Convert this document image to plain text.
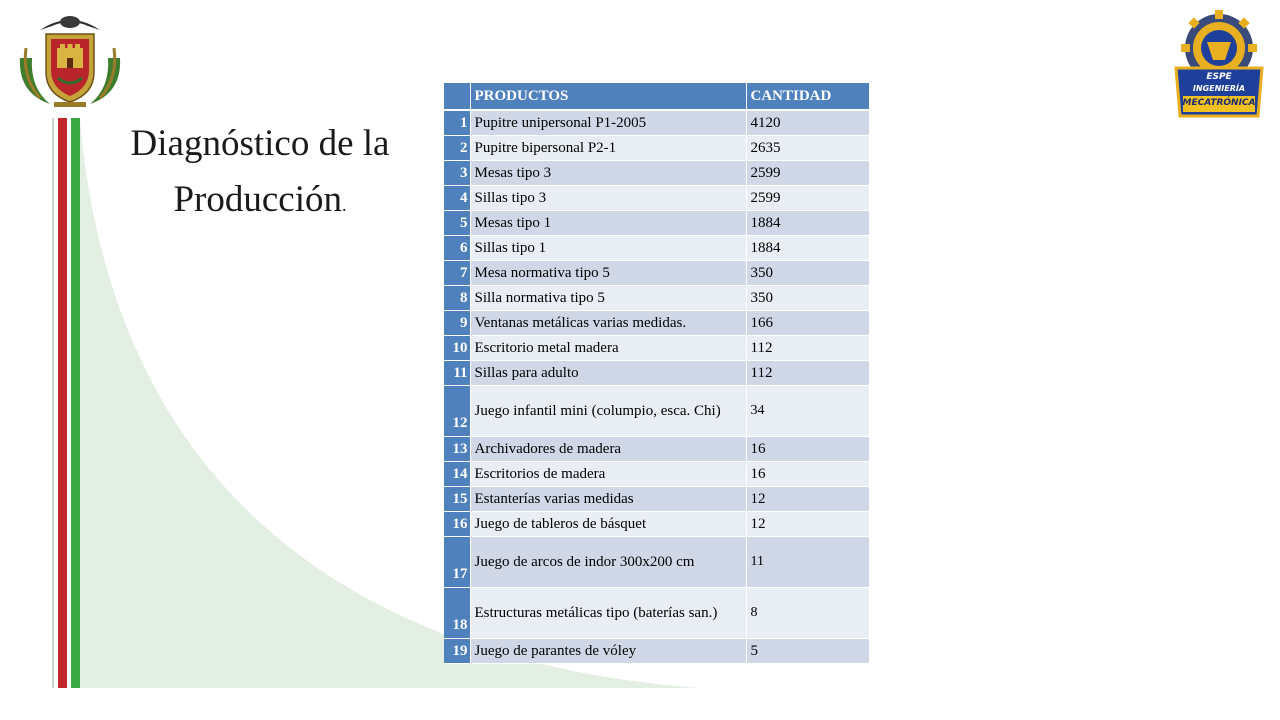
ESPE
INGENIERÍA
MECATRÓNICA
Diagnóstico de la
Producción.
	PRODUCTOS	CANTIDAD
1	Pupitre unipersonal P1-2005	4120
2	Pupitre bipersonal P2-1	2635
3	Mesas tipo 3	2599
4	Sillas tipo 3	2599
5	Mesas tipo 1	1884
6	Sillas tipo 1	1884
7	Mesa normativa tipo 5	350
8	Silla normativa tipo 5	350
9	Ventanas metálicas varias medidas.	166
10	Escritorio metal madera	112
11	Sillas para adulto	112
12	Juego infantil mini (columpio, esca. Chi)	34
13	Archivadores de madera	16
14	Escritorios de madera	16
15	Estanterías varias medidas	12
16	Juego de tableros de básquet	12
17	Juego de arcos de indor 300x200 cm	11
18	Estructuras metálicas tipo (baterías san.)	8
19	Juego de parantes de vóley	5
